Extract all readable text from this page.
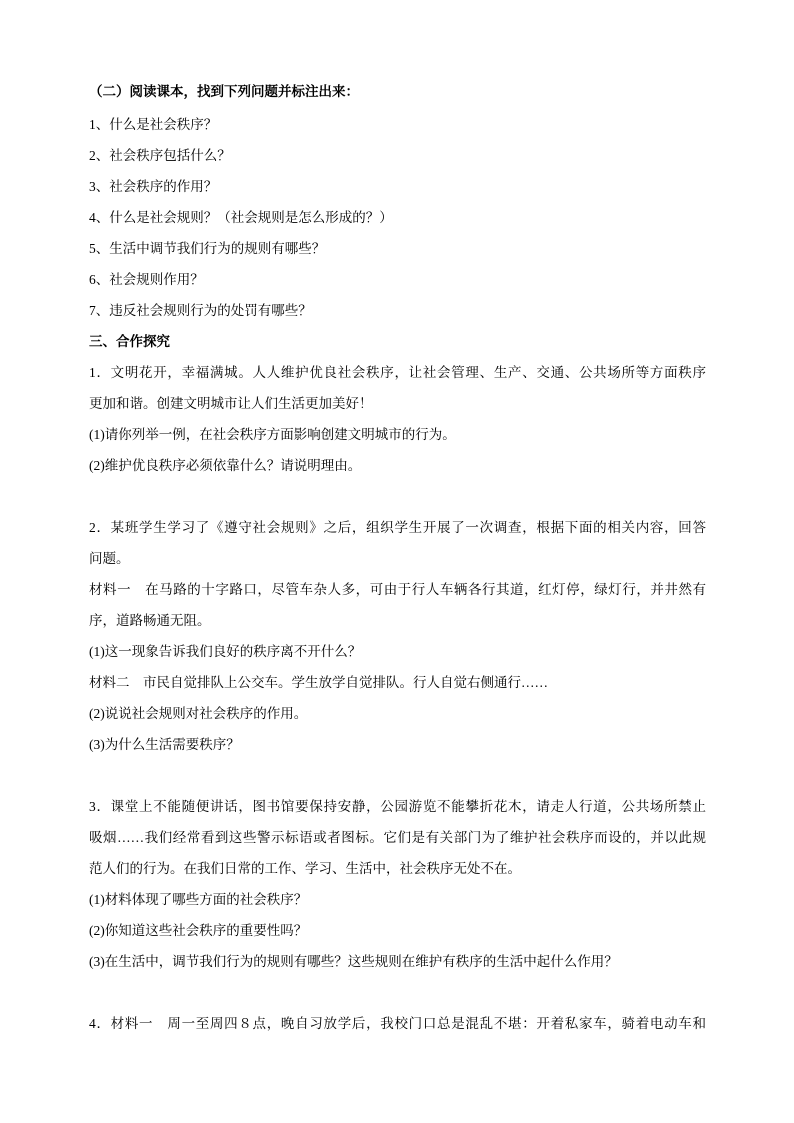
（二）阅读课本，找到下列问题并标注出来：
1、什么是社会秩序？
2、社会秩序包括什么？
3、社会秩序的作用？
4、什么是社会规则？（社会规则是怎么形成的？）
5、生活中调节我们行为的规则有哪些？
6、社会规则作用？
7、违反社会规则行为的处罚有哪些？
三、合作探究
1．文明花开，幸福满城。人人维护优良社会秩序，让社会管理、生产、交通、公共场所等方面秩序
更加和谐。创建文明城市让人们生活更加美好！
(1)请你列举一例，在社会秩序方面影响创建文明城市的行为。
(2)维护优良秩序必须依靠什么？请说明理由。
2．某班学生学习了《遵守社会规则》之后，组织学生开展了一次调查，根据下面的相关内容，回答
问题。
材料一　在马路的十字路口，尽管车杂人多，可由于行人车辆各行其道，红灯停，绿灯行，并井然有
序，道路畅通无阻。
(1)这一现象告诉我们良好的秩序离不开什么？
材料二　市民自觉排队上公交车。学生放学自觉排队。行人自觉右侧通行……
(2)说说社会规则对社会秩序的作用。
(3)为什么生活需要秩序？
3．课堂上不能随便讲话，图书馆要保持安静，公园游览不能攀折花木，请走人行道，公共场所禁止
吸烟……我们经常看到这些警示标语或者图标。它们是有关部门为了维护社会秩序而设的，并以此规
范人们的行为。在我们日常的工作、学习、生活中，社会秩序无处不在。
(1)材料体现了哪些方面的社会秩序？
(2)你知道这些社会秩序的重要性吗？
(3)在生活中，调节我们行为的规则有哪些？这些规则在维护有秩序的生活中起什么作用？
4．材料一　周一至周四８点，晚自习放学后，我校门口总是混乱不堪：开着私家车，骑着电动车和
